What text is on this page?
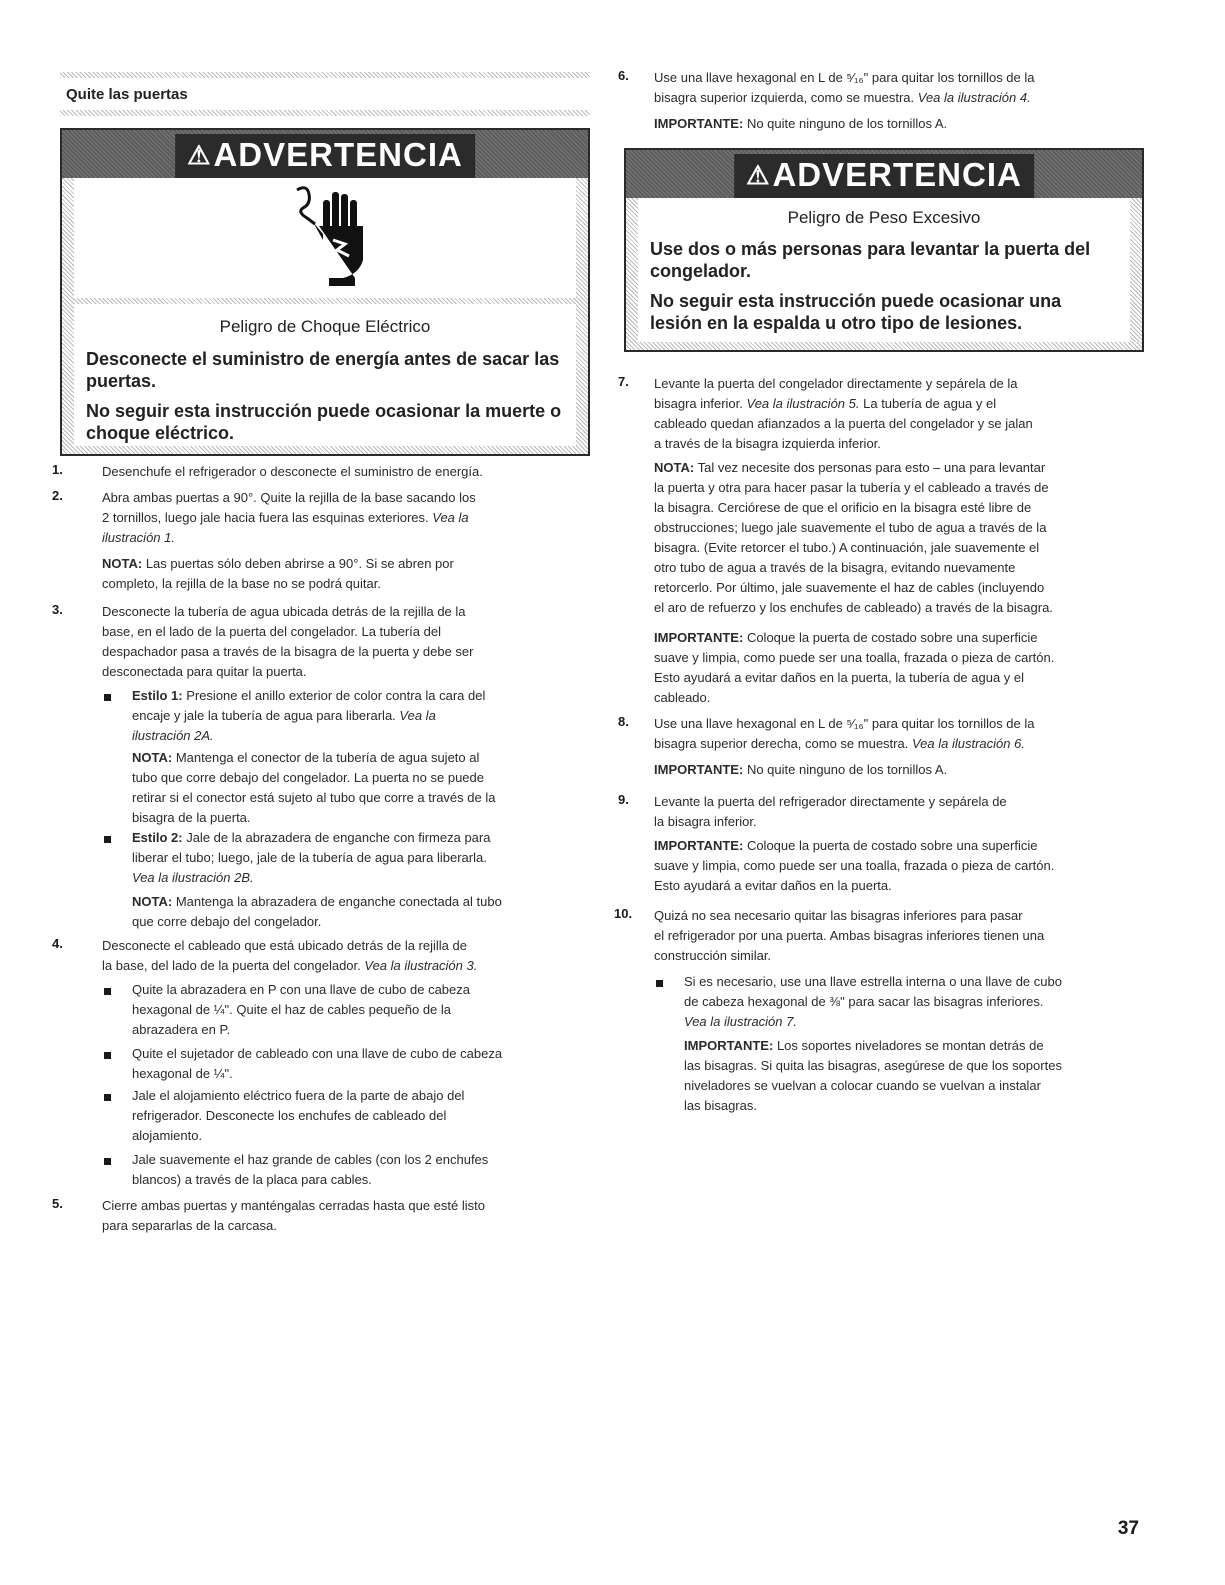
Quite las puertas
⚠ADVERTENCIA
Peligro de Choque Eléctrico
Desconecte el suministro de energía antes de sacar las puertas.
No seguir esta instrucción puede ocasionar la muerte o choque eléctrico.
1.	Desenchufe el refrigerador o desconecte el suministro de energía.
2.	Abra ambas puertas a 90°. Quite la rejilla de la base sacando los
2 tornillos, luego jale hacia fuera las esquinas exteriores. Vea la
ilustración 1.
NOTA: Las puertas sólo deben abrirse a 90°. Si se abren por
completo, la rejilla de la base no se podrá quitar.
3.	Desconecte la tubería de agua ubicada detrás de la rejilla de la
base, en el lado de la puerta del congelador. La tubería del
despachador pasa a través de la bisagra de la puerta y debe ser
desconectada para quitar la puerta.
Estilo 1: Presione el anillo exterior de color contra la cara del
encaje y jale la tubería de agua para liberarla. Vea la
ilustración 2A.
NOTA: Mantenga el conector de la tubería de agua sujeto al
tubo que corre debajo del congelador. La puerta no se puede
retirar si el conector está sujeto al tubo que corre a través de la
bisagra de la puerta.
Estilo 2: Jale de la abrazadera de enganche con firmeza para
liberar el tubo; luego, jale de la tubería de agua para liberarla.
Vea la ilustración 2B.
NOTA: Mantenga la abrazadera de enganche conectada al tubo
que corre debajo del congelador.
4.	Desconecte el cableado que está ubicado detrás de la rejilla de
la base, del lado de la puerta del congelador. Vea la ilustración 3.
Quite la abrazadera en P con una llave de cubo de cabeza
hexagonal de ¼". Quite el haz de cables pequeño de la
abrazadera en P.
Quite el sujetador de cableado con una llave de cubo de cabeza
hexagonal de ¼".
Jale el alojamiento eléctrico fuera de la parte de abajo del
refrigerador. Desconecte los enchufes de cableado del
alojamiento.
Jale suavemente el haz grande de cables (con los 2 enchufes
blancos) a través de la placa para cables.
5.	Cierre ambas puertas y manténgalas cerradas hasta que esté listo
para separarlas de la carcasa.
6. Use una llave hexagonal en L de ⁵⁄₁₆" para quitar los tornillos de la
bisagra superior izquierda, como se muestra. Vea la ilustración 4.
IMPORTANTE: No quite ninguno de los tornillos A.
⚠ADVERTENCIA
Peligro de Peso Excesivo
Use dos o más personas para levantar la puerta del congelador.
No seguir esta instrucción puede ocasionar una lesión en la espalda u otro tipo de lesiones.
7. Levante la puerta del congelador directamente y sepárela de la
bisagra inferior. Vea la ilustración 5. La tubería de agua y el
cableado quedan afianzados a la puerta del congelador y se jalan
a través de la bisagra izquierda inferior.
NOTA: Tal vez necesite dos personas para esto – una para levantar
la puerta y otra para hacer pasar la tubería y el cableado a través de
la bisagra. Cerciórese de que el orificio en la bisagra esté libre de
obstrucciones; luego jale suavemente el tubo de agua a través de la
bisagra. (Evite retorcer el tubo.) A continuación, jale suavemente el
otro tubo de agua a través de la bisagra, evitando nuevamente
retorcerlo. Por último, jale suavemente el haz de cables (incluyendo
el aro de refuerzo y los enchufes de cableado) a través de la bisagra.
IMPORTANTE: Coloque la puerta de costado sobre una superficie
suave y limpia, como puede ser una toalla, frazada o pieza de cartón.
Esto ayudará a evitar daños en la puerta, la tubería de agua y el
cableado.
8. Use una llave hexagonal en L de ⁵⁄₁₆" para quitar los tornillos de la
bisagra superior derecha, como se muestra. Vea la ilustración 6.
IMPORTANTE: No quite ninguno de los tornillos A.
9. Levante la puerta del refrigerador directamente y sepárela de
la bisagra inferior.
IMPORTANTE: Coloque la puerta de costado sobre una superficie
suave y limpia, como puede ser una toalla, frazada o pieza de cartón.
Esto ayudará a evitar daños en la puerta.
10. Quizá no sea necesario quitar las bisagras inferiores para pasar
el refrigerador por una puerta. Ambas bisagras inferiores tienen una
construcción similar.
Si es necesario, use una llave estrella interna o una llave de cubo
de cabeza hexagonal de ⅜" para sacar las bisagras inferiores.
Vea la ilustración 7.
IMPORTANTE: Los soportes niveladores se montan detrás de
las bisagras. Si quita las bisagras, asegúrese de que los soportes
niveladores se vuelvan a colocar cuando se vuelvan a instalar
las bisagras.
37
